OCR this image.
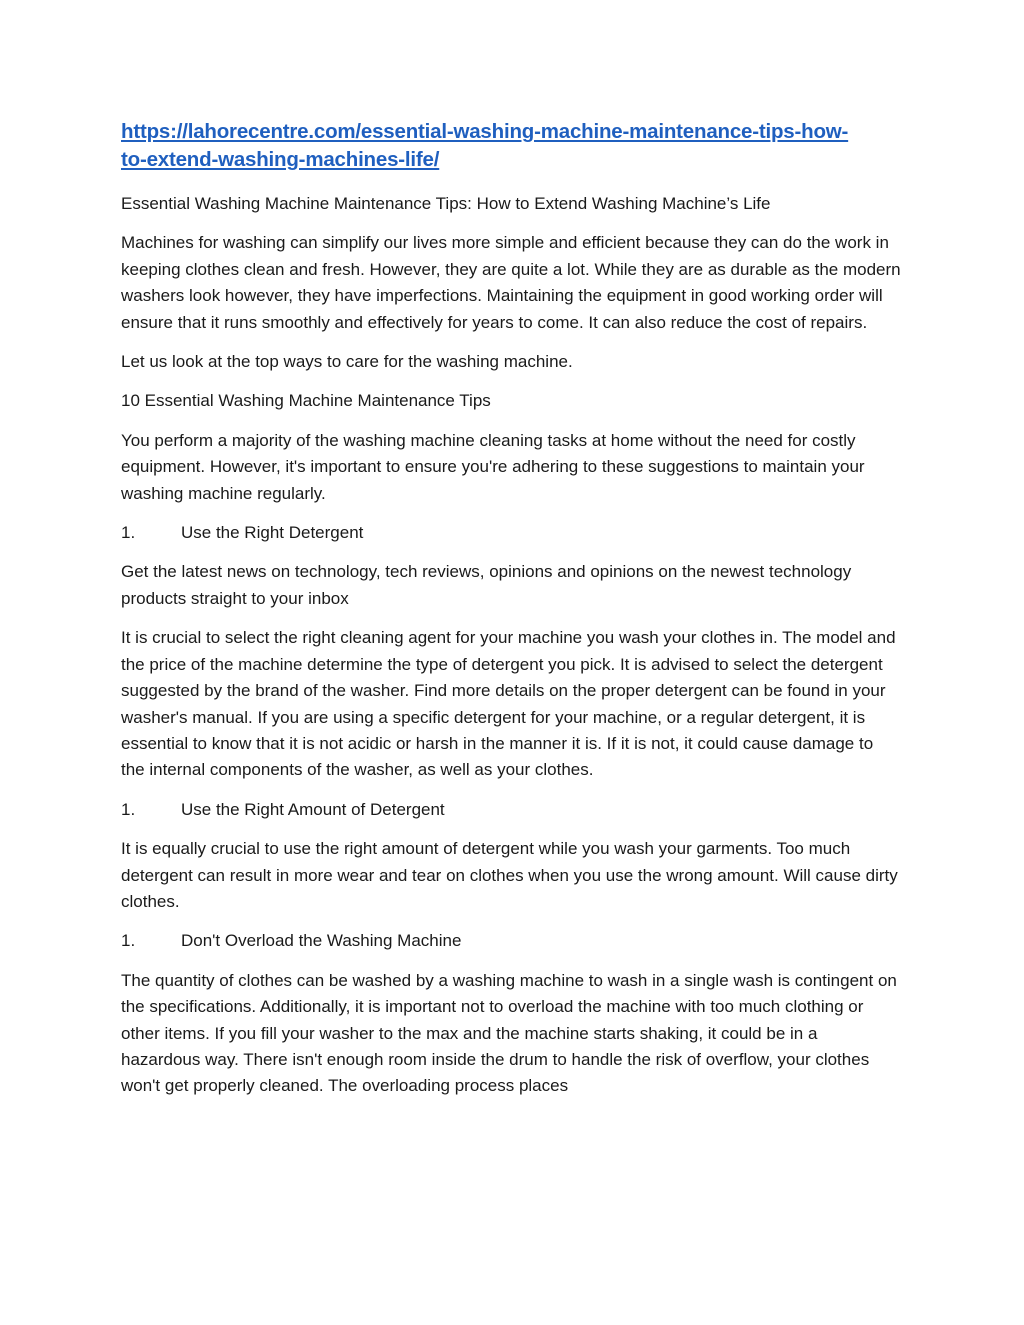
https://lahorecentre.com/essential-washing-machine-maintenance-tips-how-
to-extend-washing-machines-life/

Essential Washing Machine Maintenance Tips: How to Extend Washing Machine’s Life

Machines for washing can simplify our lives more simple and efficient because they can do the work in keeping clothes clean and fresh. However, they are quite a lot. While they are as durable as the modern washers look however, they have imperfections. Maintaining the equipment in good working order will ensure that it runs smoothly and effectively for years to come. It can also reduce the cost of repairs.

Let us look at the top ways to care for the washing machine.

10 Essential Washing Machine Maintenance Tips

You perform a majority of the washing machine cleaning tasks at home without the need for costly equipment. However, it's important to ensure you're adhering to these suggestions to maintain your washing machine regularly.

1.	Use the Right Detergent

Get the latest news on technology, tech reviews, opinions and opinions on the newest technology products straight to your inbox

It is crucial to select the right cleaning agent for your machine you wash your clothes in. The model and the price of the machine determine the type of detergent you pick. It is advised to select the detergent suggested by the brand of the washer. Find more details on the proper detergent can be found in your washer's manual. If you are using a specific detergent for your machine, or a regular detergent, it is essential to know that it is not acidic or harsh in the manner it is. If it is not, it could cause damage to the internal components of the washer, as well as your clothes.

1.	Use the Right Amount of Detergent

It is equally crucial to use the right amount of detergent while you wash your garments. Too much detergent can result in more wear and tear on clothes when you use the wrong amount. Will cause dirty clothes.

1.	Don't Overload the Washing Machine

The quantity of clothes can be washed by a washing machine to wash in a single wash is contingent on the specifications. Additionally, it is important not to overload the machine with too much clothing or other items. If you fill your washer to the max and the machine starts shaking, it could be in a hazardous way. There isn't enough room inside the drum to handle the risk of overflow, your clothes won't get properly cleaned. The overloading process places
